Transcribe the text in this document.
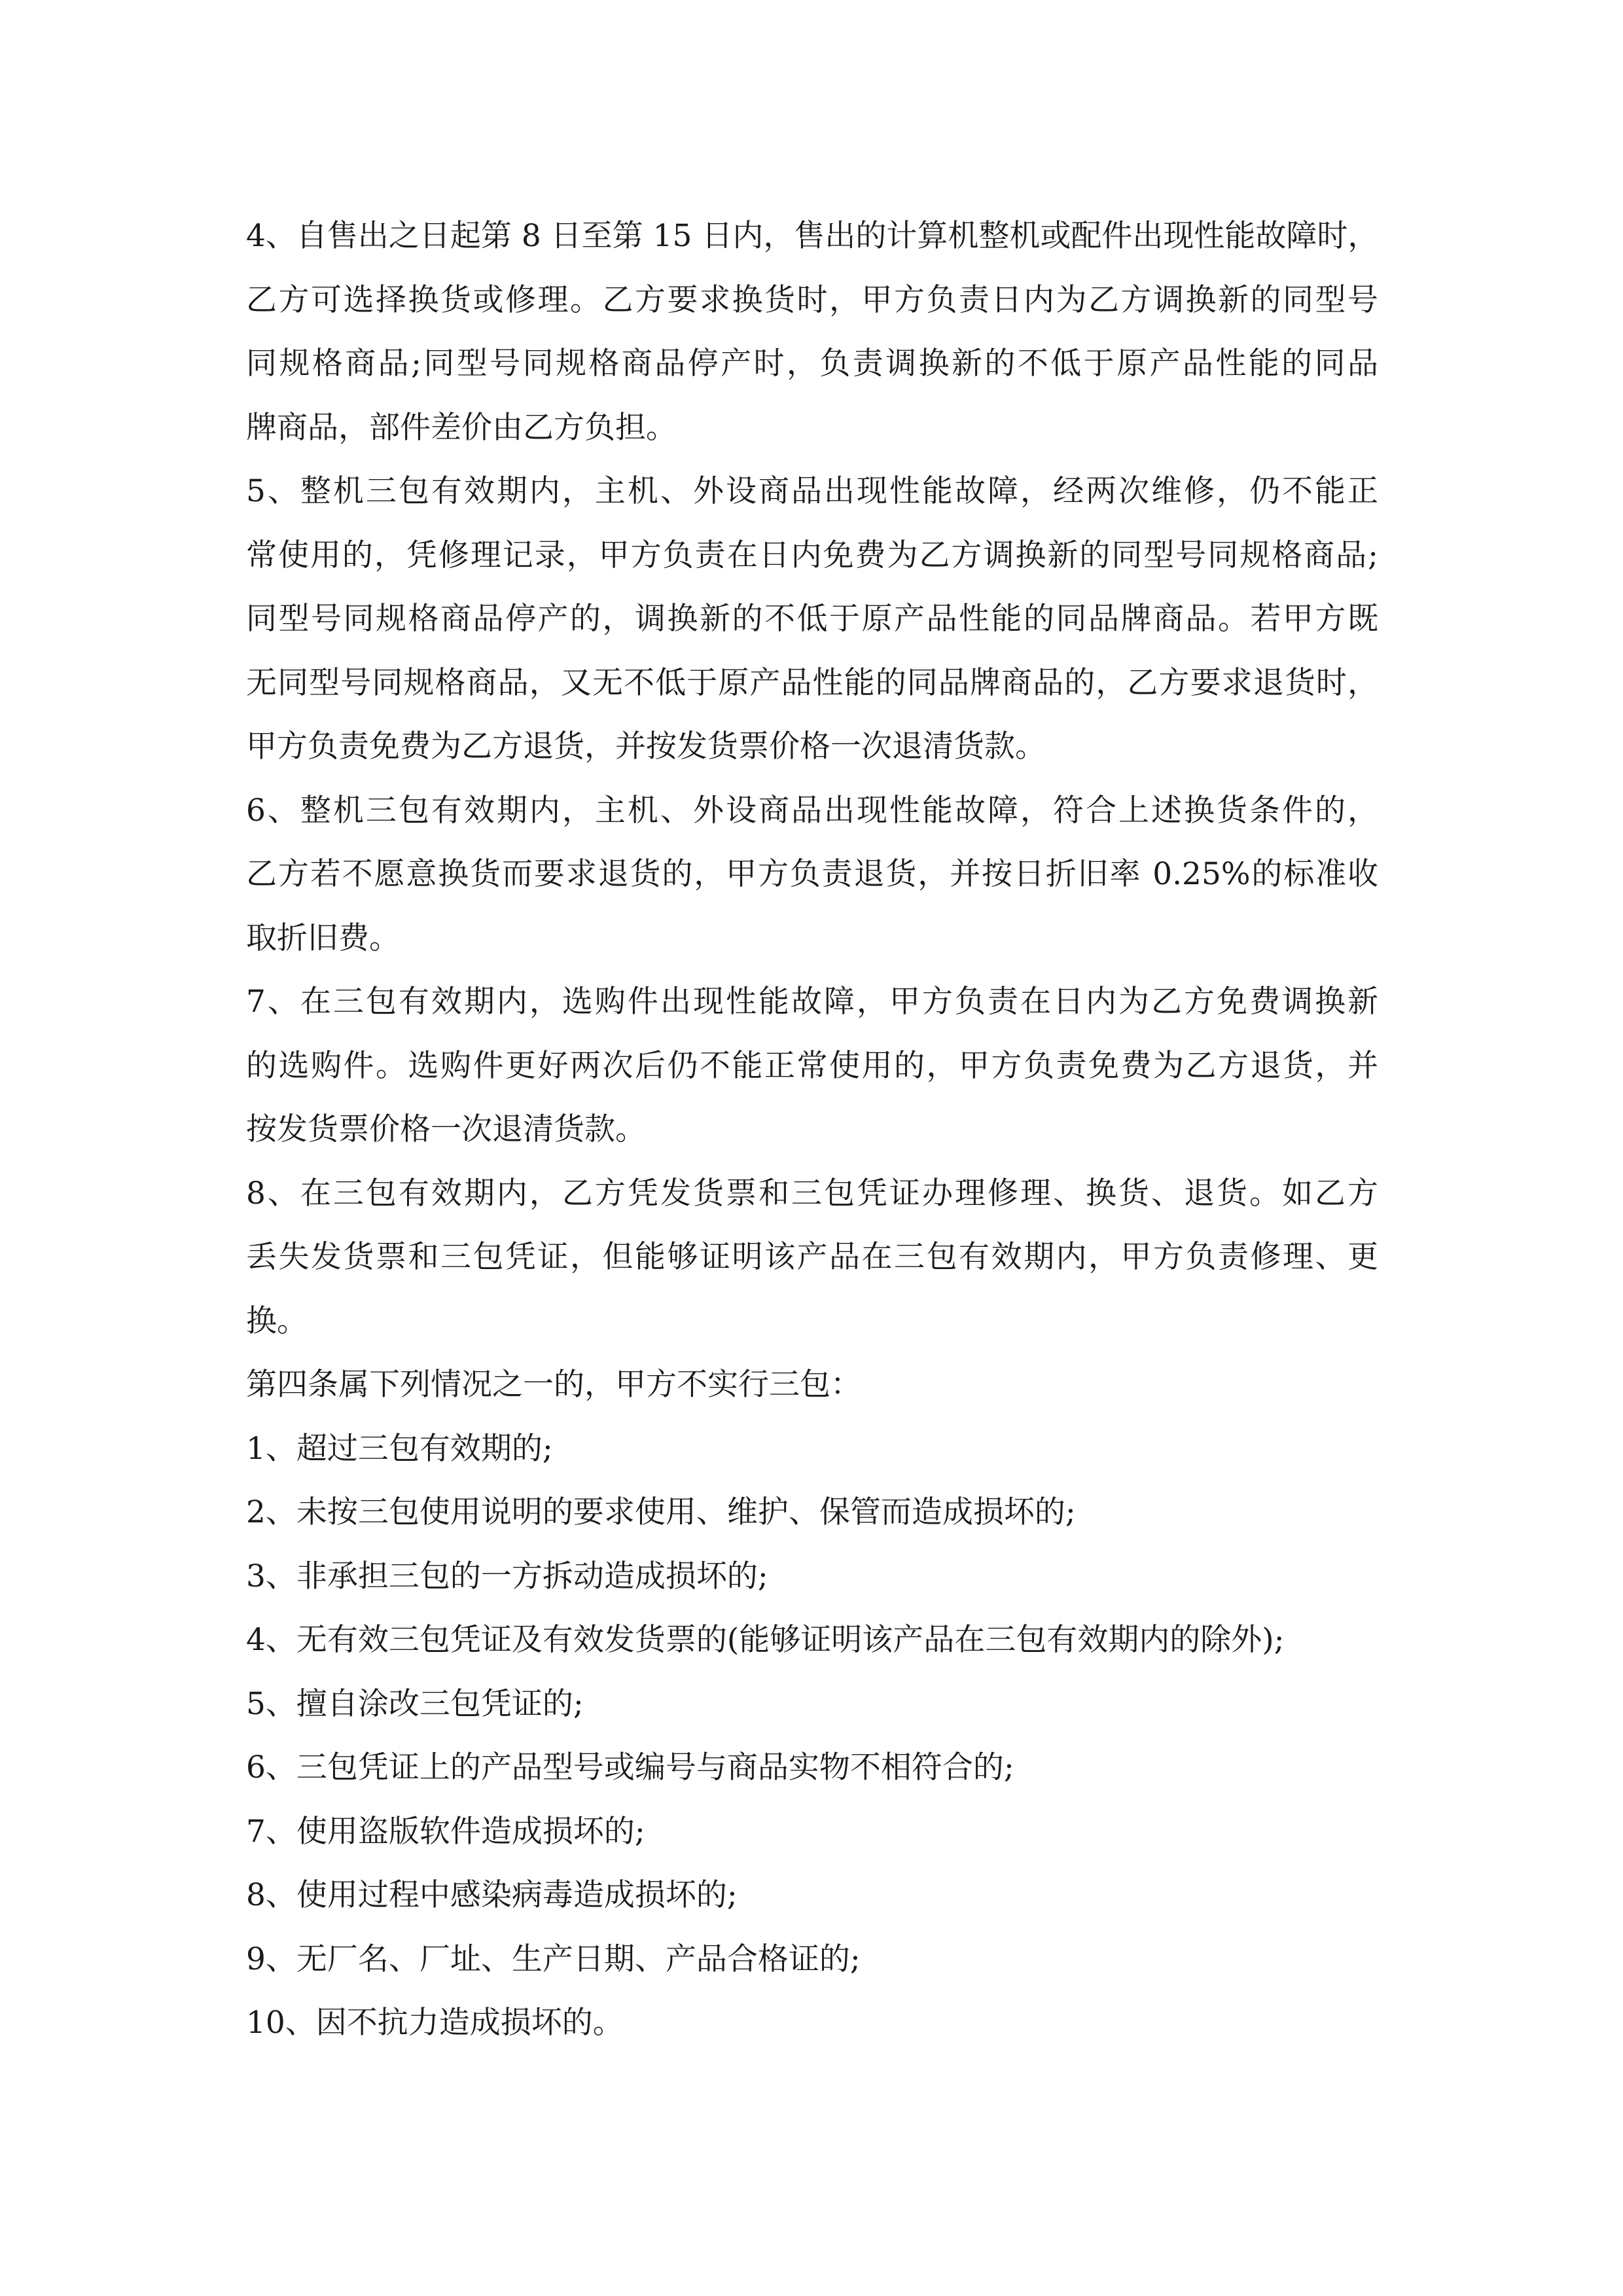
4、自售出之日起第 8 日至第 15 日内，售出的计算机整机或配件出现性能故障时，
乙方可选择换货或修理。乙方要求换货时，甲方负责日内为乙方调换新的同型号
同规格商品;同型号同规格商品停产时，负责调换新的不低于原产品性能的同品
牌商品，部件差价由乙方负担。
5、整机三包有效期内，主机、外设商品出现性能故障，经两次维修，仍不能正
常使用的，凭修理记录，甲方负责在日内免费为乙方调换新的同型号同规格商品;
同型号同规格商品停产的，调换新的不低于原产品性能的同品牌商品。若甲方既
无同型号同规格商品，又无不低于原产品性能的同品牌商品的，乙方要求退货时，
甲方负责免费为乙方退货，并按发货票价格一次退清货款。
6、整机三包有效期内，主机、外设商品出现性能故障，符合上述换货条件的，
乙方若不愿意换货而要求退货的，甲方负责退货，并按日折旧率 0.25%的标准收
取折旧费。
7、在三包有效期内，选购件出现性能故障，甲方负责在日内为乙方免费调换新
的选购件。选购件更好两次后仍不能正常使用的，甲方负责免费为乙方退货，并
按发货票价格一次退清货款。
8、在三包有效期内，乙方凭发货票和三包凭证办理修理、换货、退货。如乙方
丢失发货票和三包凭证，但能够证明该产品在三包有效期内，甲方负责修理、更
换。
第四条属下列情况之一的，甲方不实行三包：
1、超过三包有效期的;
2、未按三包使用说明的要求使用、维护、保管而造成损坏的;
3、非承担三包的一方拆动造成损坏的;
4、无有效三包凭证及有效发货票的(能够证明该产品在三包有效期内的除外);
5、擅自涂改三包凭证的;
6、三包凭证上的产品型号或编号与商品实物不相符合的;
7、使用盗版软件造成损坏的;
8、使用过程中感染病毒造成损坏的;
9、无厂名、厂址、生产日期、产品合格证的;
10、因不抗力造成损坏的。
